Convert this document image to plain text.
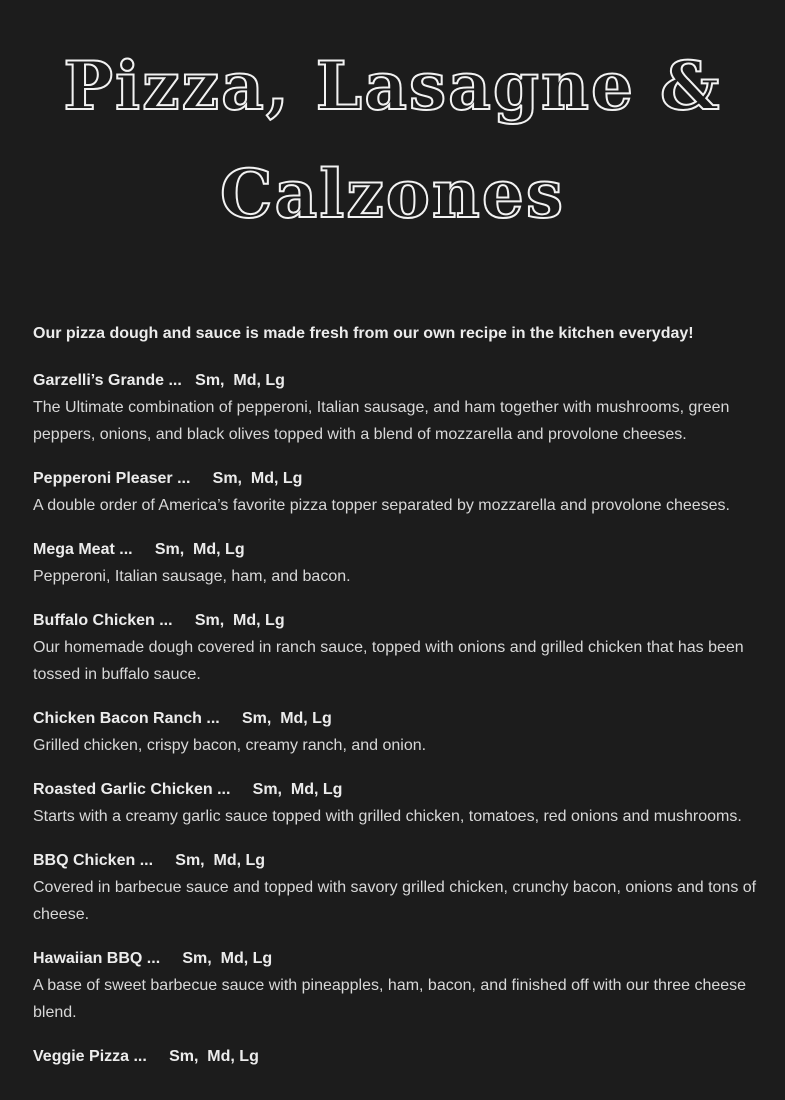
Pizza, Lasagne &
Calzones
Our pizza dough and sauce is made fresh from our own recipe in the kitchen everyday!
Garzelli’s Grande ... Sm,  Md, Lg
The Ultimate combination of pepperoni, Italian sausage, and ham together with mushrooms, green peppers, onions, and black olives topped with a blend of mozzarella and provolone cheeses.
Pepperoni Pleaser ... Sm,  Md, Lg
A double order of America’s favorite pizza topper separated by mozzarella and provolone cheeses.
Mega Meat ... Sm,  Md, Lg
Pepperoni, Italian sausage, ham, and bacon.
Buffalo Chicken ... Sm,  Md, Lg
Our homemade dough covered in ranch sauce, topped with onions and grilled chicken that has been tossed in buffalo sauce.
Chicken Bacon Ranch ... Sm,  Md, Lg
Grilled chicken, crispy bacon, creamy ranch, and onion.
Roasted Garlic Chicken ... Sm,  Md, Lg
Starts with a creamy garlic sauce topped with grilled chicken, tomatoes, red onions and mushrooms.
BBQ Chicken ... Sm,  Md, Lg
Covered in barbecue sauce and topped with savory grilled chicken, crunchy bacon, onions and tons of cheese.
Hawaiian BBQ ... Sm,  Md, Lg
A base of sweet barbecue sauce with pineapples, ham, bacon, and finished off with our three cheese blend.
Veggie Pizza ... Sm,  Md, Lg
